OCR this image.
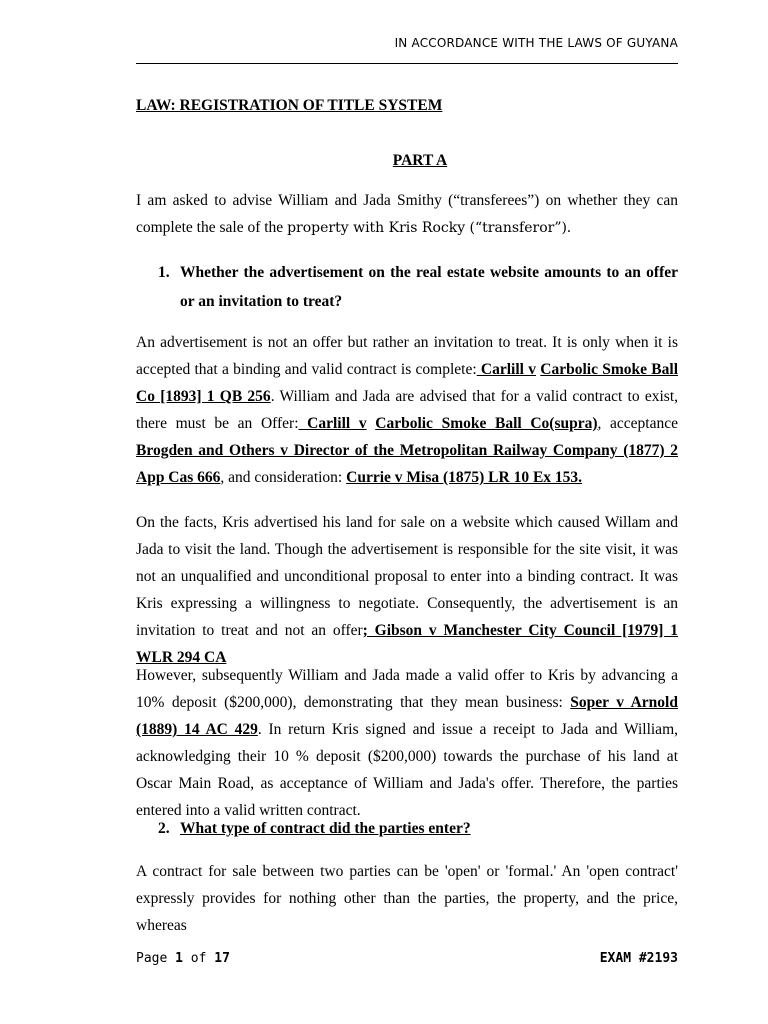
IN ACCORDANCE WITH THE LAWS OF GUYANA
LAW: REGISTRATION OF TITLE SYSTEM
PART A
I am asked to advise William and Jada Smithy (“transferees”) on whether they can complete the sale of the property with Kris Rocky (“transferor”).
1. Whether the advertisement on the real estate website amounts to an offer or an invitation to treat?
An advertisement is not an offer but rather an invitation to treat. It is only when it is accepted that a binding and valid contract is complete: Carlill v Carbolic Smoke Ball Co [1893] 1 QB 256. William and Jada are advised that for a valid contract to exist, there must be an Offer: Carlill v Carbolic Smoke Ball Co(supra), acceptance Brogden and Others v Director of the Metropolitan Railway Company (1877) 2 App Cas 666, and consideration: Currie v Misa (1875) LR 10 Ex 153.
On the facts, Kris advertised his land for sale on a website which caused Willam and Jada to visit the land. Though the advertisement is responsible for the site visit, it was not an unqualified and unconditional proposal to enter into a binding contract. It was Kris expressing a willingness to negotiate. Consequently, the advertisement is an invitation to treat and not an offer; Gibson v Manchester City Council [1979] 1 WLR 294 CA
However, subsequently William and Jada made a valid offer to Kris by advancing a 10% deposit ($200,000), demonstrating that they mean business: Soper v Arnold (1889) 14 AC 429. In return Kris signed and issue a receipt to Jada and William, acknowledging their 10 % deposit ($200,000) towards the purchase of his land at Oscar Main Road, as acceptance of William and Jada's offer. Therefore, the parties entered into a valid written contract.
2. What type of contract did the parties enter?
A contract for sale between two parties can be 'open' or 'formal.' An 'open contract' expressly provides for nothing other than the parties, the property, and the price, whereas
Page 1 of 17	EXAM #2193
